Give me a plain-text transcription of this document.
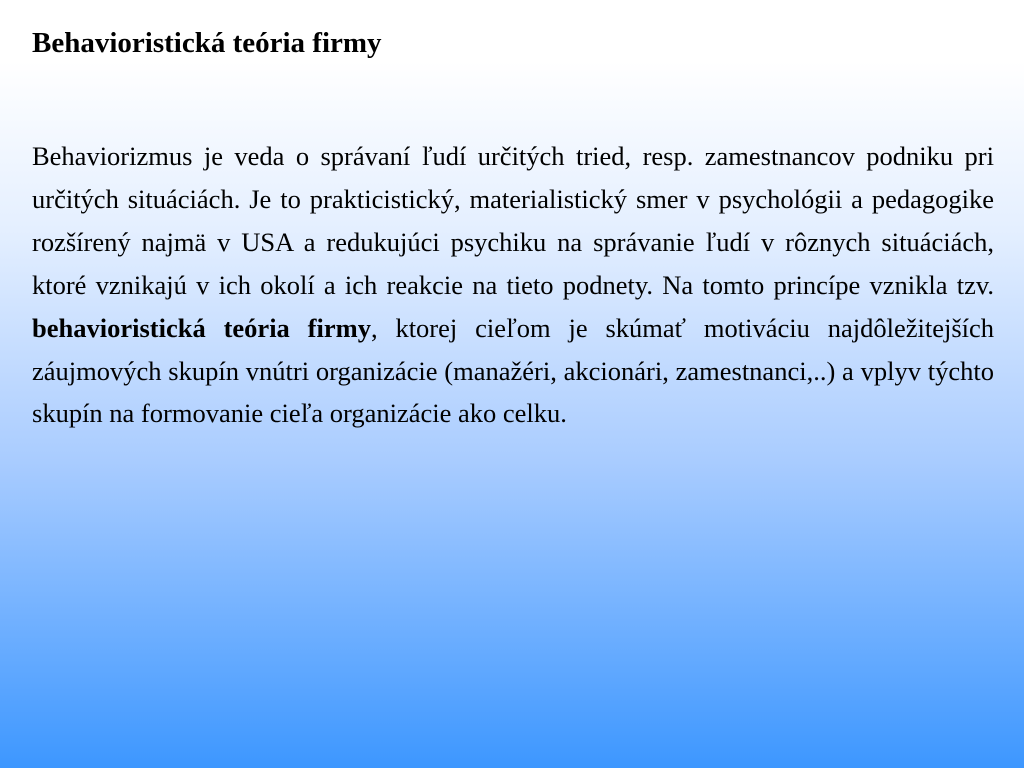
Behavioristická teória firmy

Behaviorizmus je veda o správaní ľudí určitých tried, resp. zamestnancov podniku pri určitých situáciách. Je to prakticistický, materialistický smer v psychológii a pedagogike rozšírený najmä v USA a redukujúci psychiku na správanie ľudí v rôznych situáciách, ktoré vznikajú v ich okolí a ich reakcie na tieto podnety. Na tomto princípe vznikla tzv. behavioristická teória firmy, ktorej cieľom je skúmať motiváciu najdôležitejších záujmových skupín vnútri organizácie (manažéri, akcionári, zamestnanci,..) a vplyv týchto skupín na formovanie cieľa organizácie ako celku.
